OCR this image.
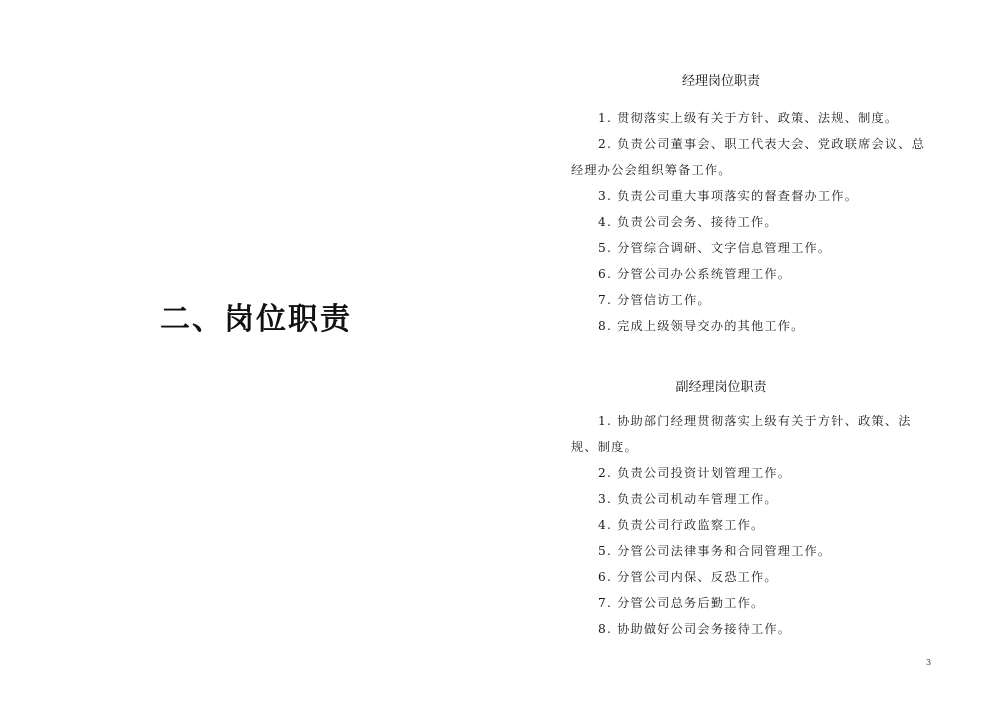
二、岗位职责
经理岗位职责
1. 贯彻落实上级有关于方针、政策、法规、制度。
2. 负责公司董事会、职工代表大会、党政联席会议、总经理办公会组织筹备工作。
3. 负责公司重大事项落实的督查督办工作。
4. 负责公司会务、接待工作。
5. 分管综合调研、文字信息管理工作。
6. 分管公司办公系统管理工作。
7. 分管信访工作。
8. 完成上级领导交办的其他工作。
副经理岗位职责
1. 协助部门经理贯彻落实上级有关于方针、政策、法规、制度。
2. 负责公司投资计划管理工作。
3. 负责公司机动车管理工作。
4. 负责公司行政监察工作。
5. 分管公司法律事务和合同管理工作。
6. 分管公司内保、反恐工作。
7. 分管公司总务后勤工作。
8. 协助做好公司会务接待工作。
3
